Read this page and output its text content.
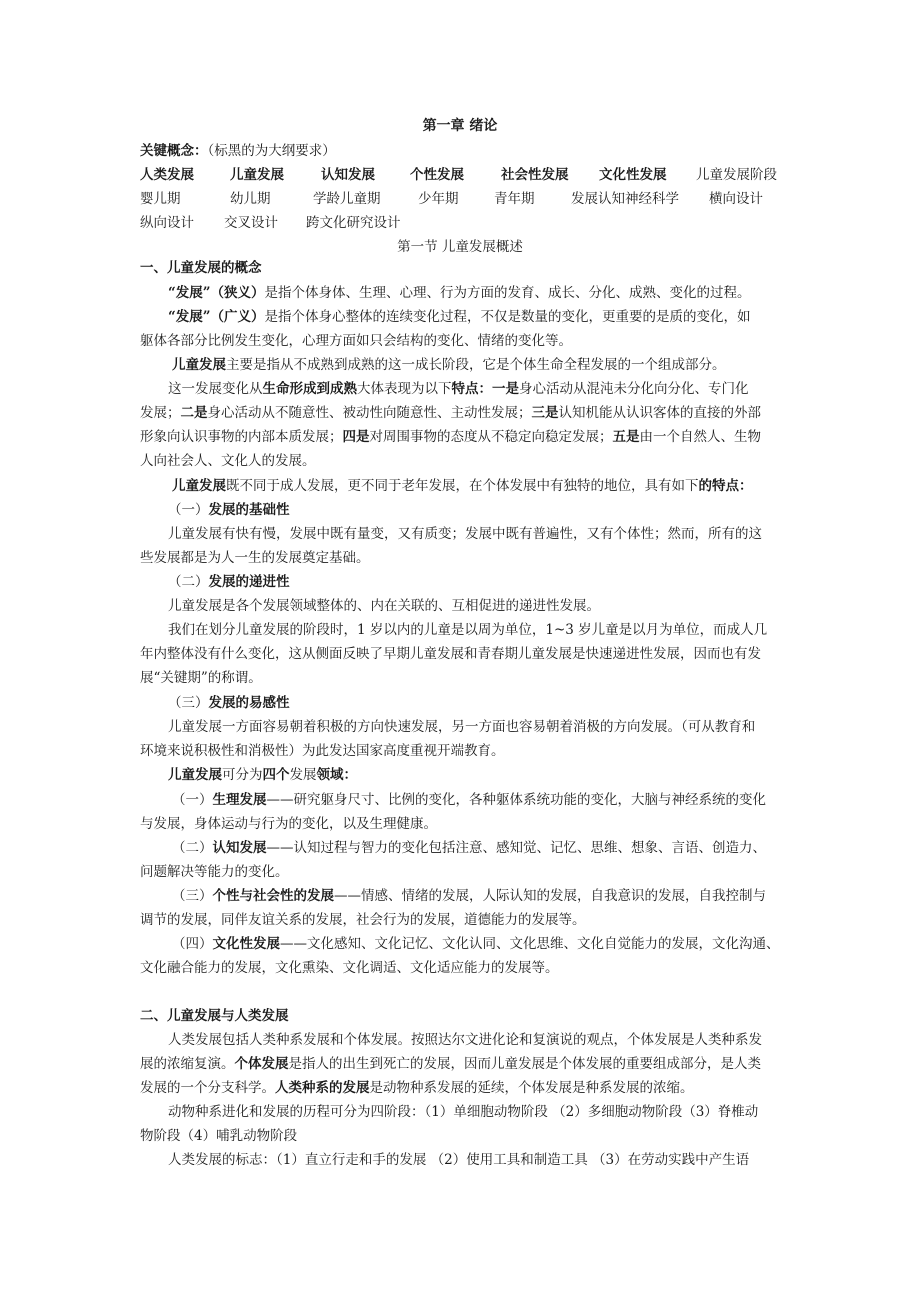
第一章 绪论
关键概念：（标黑的为大纲要求）
人类发展	儿童发展	认知发展	个性发展	社会性发展 文化性发展 儿童发展阶段
婴儿期	幼儿期	学龄儿童期	少年期	青年期	发展认知神经科学 横向设计
纵向设计 交叉设计 跨文化研究设计
第一节 儿童发展概述
一、儿童发展的概念
“发展”（狭义）是指个体身体、生理、心理、行为方面的发育、成长、分化、成熟、变化的过程。
“发展”（广义）是指个体身心整体的连续变化过程，不仅是数量的变化，更重要的是质的变化，如
躯体各部分比例发生变化，心理方面如只会结构的变化、情绪的变化等。
儿童发展主要是指从不成熟到成熟的这一成长阶段，它是个体生命全程发展的一个组成部分。
这一发展变化从生命形成到成熟大体表现为以下特点：一是身心活动从混沌未分化向分化、专门化
发展；二是身心活动从不随意性、被动性向随意性、主动性发展；三是认知机能从认识客体的直接的外部
形象向认识事物的内部本质发展；四是对周围事物的态度从不稳定向稳定发展；五是由一个自然人、生物
人向社会人、文化人的发展。
儿童发展既不同于成人发展，更不同于老年发展，在个体发展中有独特的地位，具有如下的特点：
（一）发展的基础性
儿童发展有快有慢，发展中既有量变，又有质变；发展中既有普遍性，又有个体性；然而，所有的这
些发展都是为人一生的发展奠定基础。
（二）发展的递进性
儿童发展是各个发展领域整体的、内在关联的、互相促进的递进性发展。
我们在划分儿童发展的阶段时，1 岁以内的儿童是以周为单位，1~3 岁儿童是以月为单位，而成人几
年内整体没有什么变化，这从侧面反映了早期儿童发展和青春期儿童发展是快速递进性发展，因而也有发
展“关键期”的称谓。
（三）发展的易感性
儿童发展一方面容易朝着积极的方向快速发展，另一方面也容易朝着消极的方向发展。（可从教育和
环境来说积极性和消极性）为此发达国家高度重视开端教育。
儿童发展可分为四个发展领域：
（一）生理发展——研究躯身尺寸、比例的变化，各种躯体系统功能的变化，大脑与神经系统的变化
与发展，身体运动与行为的变化，以及生理健康。
（二）认知发展——认知过程与智力的变化包括注意、感知觉、记忆、思维、想象、言语、创造力、
问题解决等能力的变化。
（三）个性与社会性的发展——情感、情绪的发展，人际认知的发展，自我意识的发展，自我控制与
调节的发展，同伴友谊关系的发展，社会行为的发展，道德能力的发展等。
（四）文化性发展——文化感知、文化记忆、文化认同、文化思维、文化自觉能力的发展，文化沟通、
文化融合能力的发展，文化熏染、文化调适、文化适应能力的发展等。
二、儿童发展与人类发展
人类发展包括人类种系发展和个体发展。按照达尔文进化论和复演说的观点，个体发展是人类种系发
展的浓缩复演。个体发展是指人的出生到死亡的发展，因而儿童发展是个体发展的重要组成部分，是人类
发展的一个分支科学。人类种系的发展是动物种系发展的延续，个体发展是种系发展的浓缩。
动物种系进化和发展的历程可分为四阶段：（1）单细胞动物阶段 （2）多细胞动物阶段（3）脊椎动
物阶段（4）哺乳动物阶段
人类发展的标志：（1）直立行走和手的发展 （2）使用工具和制造工具 （3）在劳动实践中产生语
